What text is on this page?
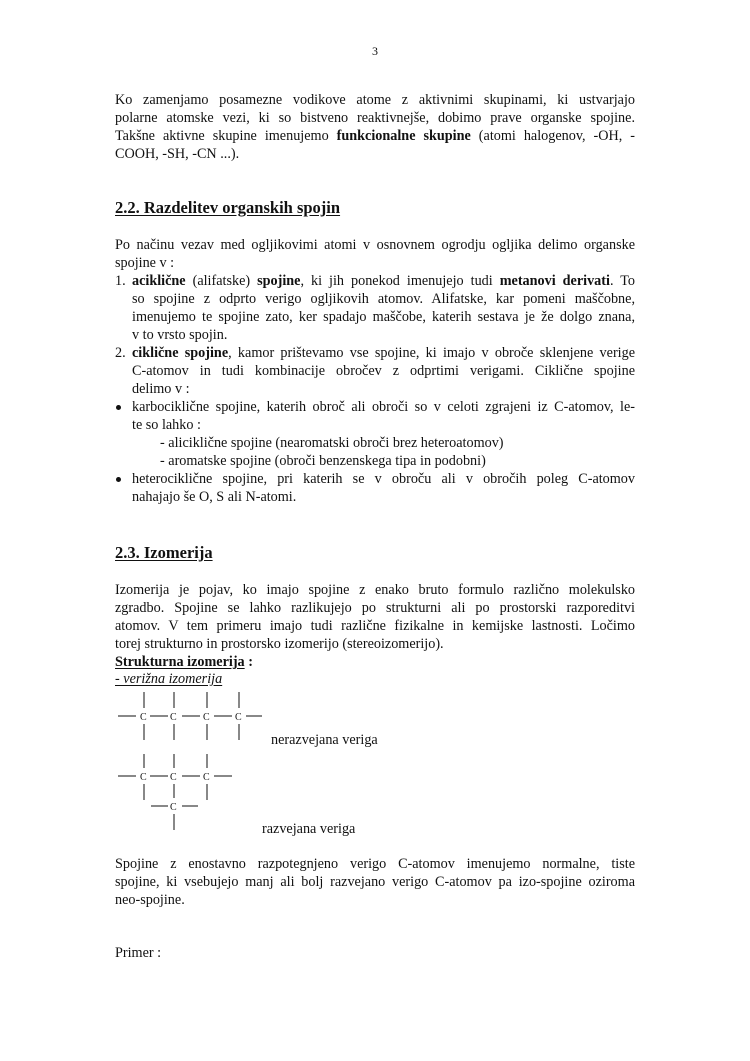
3
Ko zamenjamo posamezne vodikove atome z aktivnimi skupinami, ki ustvarjajo
polarne atomske vezi, ki so bistveno reaktivnejše, dobimo prave organske spojine.
Takšne aktivne skupine imenujemo funkcionalne skupine (atomi halogenov, -OH, -
COOH, -SH, -CN ...).
2.2. Razdelitev organskih spojin
Po načinu vezav med ogljikovimi atomi v osnovnem ogrodju ogljika delimo organske
spojine v :
1. aciklične (alifatske) spojine, ki jih ponekod imenujejo tudi metanovi derivati. To
so spojine z odprto verigo ogljikovih atomov. Alifatske, kar pomeni maščobne,
imenujemo te spojine zato, ker spadajo maščobe, katerih sestava je že dolgo znana,
v to vrsto spojin.
2. ciklične spojine, kamor prištevamo vse spojine, ki imajo v obroče sklenjene verige
C-atomov in tudi kombinacije obročev z odprtimi verigami. Ciklične spojine
delimo v :
karbociklične spojine, katerih obroč ali obroči so v celoti zgrajeni iz C-atomov, le-
te so lahko :
- aliciklične spojine (nearomatski obroči brez heteroatomov)
- aromatske spojine (obroči benzenskega tipa in podobni)
heterociklične spojine, pri katerih se v obroču ali v obročih poleg C-atomov
nahajajo še O, S ali N-atomi.
2.3. Izomerija
Izomerija je pojav, ko imajo spojine z enako bruto formulo različno molekulsko
zgradbo. Spojine se lahko razlikujejo po strukturni ali po prostorski razporeditvi
atomov. V tem primeru imajo tudi različne fizikalne in kemijske lastnosti. Ločimo
torej strukturno in prostorsko izomerijo (stereoizomerijo).
Strukturna izomerija :
- verižna izomerija
C C	C	C
nerazvejana veriga
C C	C
C
razvejana veriga
Spojine z enostavno razpotegnjeno verigo C-atomov imenujemo normalne, tiste
spojine, ki vsebujejo manj ali bolj razvejano verigo C-atomov pa izo-spojine oziroma
neo-spojine.
Primer :
